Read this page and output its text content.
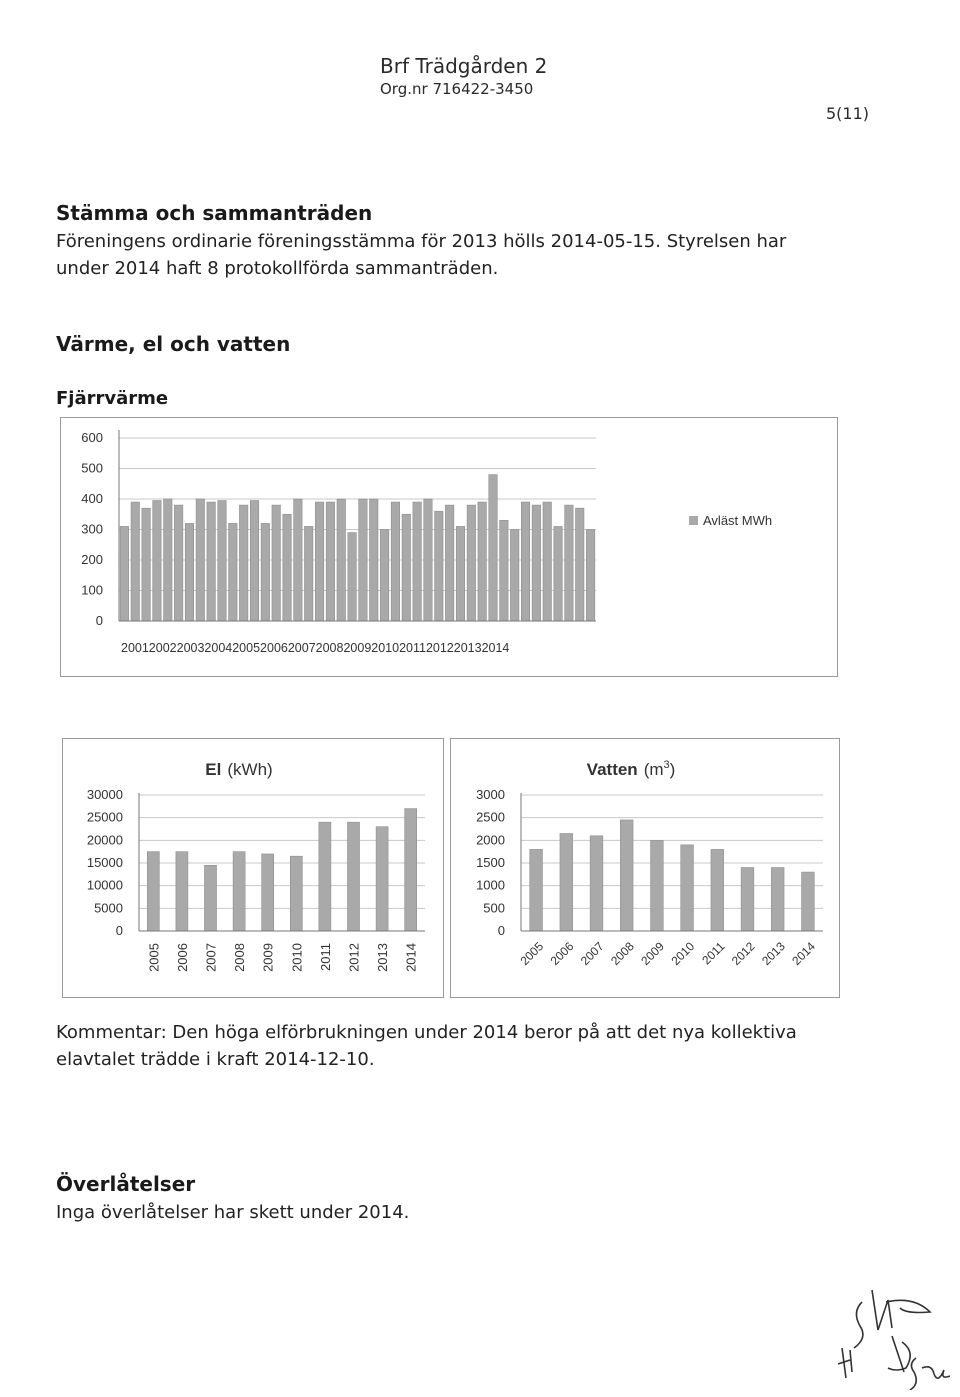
Brf Trädgården 2
Org.nr 716422-3450
5(11)
Stämma och sammanträden
Föreningens ordinarie föreningsstämma för 2013 hölls 2014-05-15. Styrelsen har
under 2014 haft 8 protokollförda sammanträden.
Värme, el och vatten
Fjärrvärme
600
500
400
300
200
100
0
20012002200320042005200620072008200920102011201220132014
Avläst MWh
El (kWh)
30000
25000
20000
15000
10000
5000
0
2005 2006 2007 2008 2009 2010 2011 2012 2013 2014
Vatten $(m^3)$
3000
2500
2000
1500
1000
500
0
2005 2006 2007 2008 2009 2010 2011 2012 2013 2014
Kommentar: Den höga elförbrukningen under 2014 beror på att det nya kollektiva
elavtalet trädde i kraft 2014-12-10.
Överlåtelser
Inga överlåtelser har skett under 2014.
